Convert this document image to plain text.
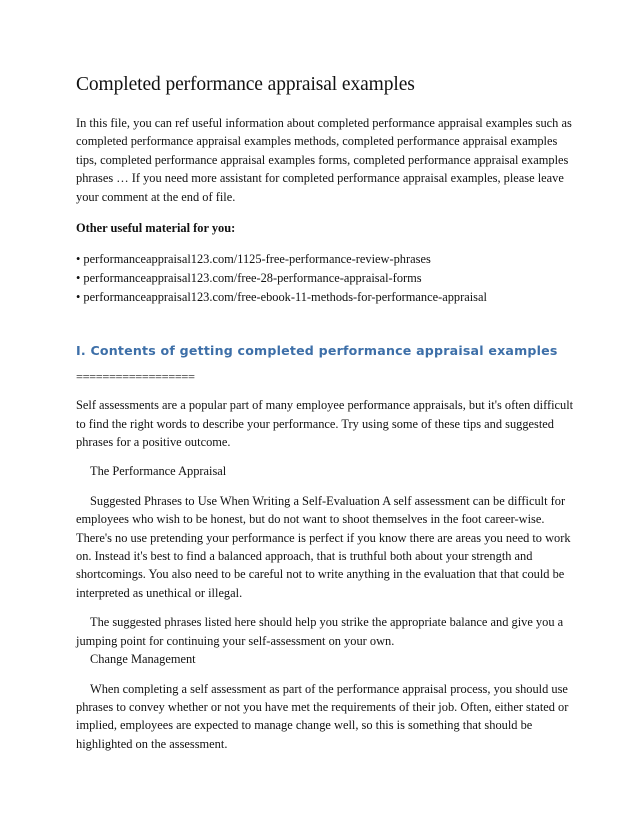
Completed performance appraisal examples

In this file, you can ref useful information about completed performance appraisal examples such as completed performance appraisal examples methods, completed performance appraisal examples tips, completed performance appraisal examples forms, completed performance appraisal examples phrases … If you need more assistant for completed performance appraisal examples, please leave your comment at the end of file.

Other useful material for you:

• performanceappraisal123.com/1125-free-performance-review-phrases

• performanceappraisal123.com/free-28-performance-appraisal-forms

• performanceappraisal123.com/free-ebook-11-methods-for-performance-appraisal

I. Contents of getting completed performance appraisal examples
==================

Self assessments are a popular part of many employee performance appraisals, but it's often difficult to find the right words to describe your performance. Try using some of these tips and suggested phrases for a positive outcome.

The Performance Appraisal

Suggested Phrases to Use When Writing a Self-Evaluation A self assessment can be difficult for employees who wish to be honest, but do not want to shoot themselves in the foot career-wise. There's no use pretending your performance is perfect if you know there are areas you need to work on. Instead it's best to find a balanced approach, that is truthful both about your strength and shortcomings. You also need to be careful not to write anything in the evaluation that that could be interpreted as unethical or illegal.

The suggested phrases listed here should help you strike the appropriate balance and give you a jumping point for continuing your self-assessment on your own.

Change Management

When completing a self assessment as part of the performance appraisal process, you should use phrases to convey whether or not you have met the requirements of their job. Often, either stated or implied, employees are expected to manage change well, so this is something that should be highlighted on the assessment.
